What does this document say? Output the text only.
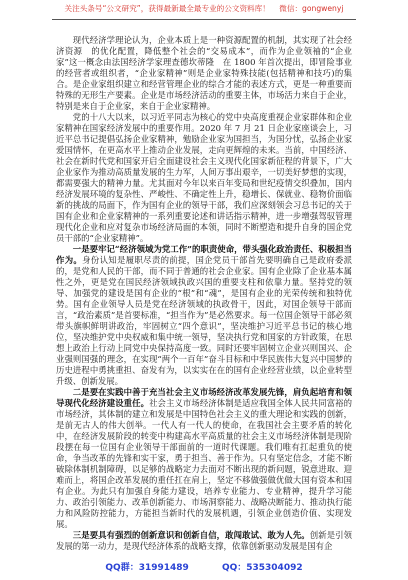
关注头条号“公文研究”，获得最新最全最专业的公文资料库！ 微信：gongwenyj

现代经济学理论认为，企业本质上是一种资源配置的机制，其实现了社会经济资源　的优化配置，降低整个社会的“交易成本”，而作为企业领袖的“企业家”这一概念由法国经济学家理查德坎蒂隆　在 1800 年首次提出，即冒险事业的经营者或组织者，“企业家精神”则是企业家特殊技能(包括精神和技巧)的集合。是企业家组织建立和经营管理企业的综合才能的表述方式，更是一种重要而特殊的无形生产要素。企业是市场经济活动的重要主体，市场活力来自于企业，特别是来自于企业家，来自于企业家精神。

党的十八大以来，以习近平同志为核心的党中央高度重视企业家群体和企业家精神在国家经济发展中的重要作用。2020 年 7 月 21 日企业家座谈会上，习近平总书记提倡弘扬企业家精神，勉励企业家为国担当，为国分忧，弘扬企业家爱国情怀，在更高水平上推动企业发展，走向更辉煌的未来。当前，中国经济、社会在新时代党和国家开启全面建设社会主义现代化国家新征程的背景下，广大企业家作为推动高质量发展的生力军，人间万事出艰辛，一切美好梦想的实现，都需要强大的精神力量。尤其面对今年以来百年变局和世纪疫情交织叠加，国内经济发展环境的复杂性、严峻性、不确定性上升，稳增长、保就业、稳物价面临新的挑战的局面下，作为国有企业的领导干部，我们应深刻领会习总书记的关于国有企业和企业家精神的一系列重要论述和讲话指示精神，进一步增强驾驭管理现代化企业和应对复杂市场经济局面的本领，同时不断塑造和提升自身的国企党员干部的“企业家精神”。

一是要牢记“经济领域为党工作”的职责使命，带头强化政治责任、积极担当作为。身份认知是履职尽责的前提，国企党员干部首先要明确自己是政府委派的，是党和人民的干部，而不同于普通的社会企业家。国有企业除了企业基本属性之外，更是党在国民经济领域执政兴国的重要支柱和依靠力量。坚持党的领导、加强党的建设是国有企业的“根”和“魂”，是国有企业的光荣传统和独特优势。国有企业领导人员是党在经济领域的执政骨干，因此，对国企领导干部而言，“政治素质”是首要标准，“担当作为”是必然要求。每一位国企领导干部必须带头旗帜鲜明讲政治，牢固树立“四个意识”，坚决维护习近平总书记的核心地位，坚决维护党中央权威和集中统一领导，坚决执行党和国家的方针政策，在思想上政治上行动上同党中央保持高度一致。同时还要牢固树立企业兴则国兴、企业强则国强的理念，在实现“两个一百年”奋斗目标和中华民族伟大复兴中国梦的历史进程中勇挑重担、奋发有为，以实实在在的国有企业经营业绩，以企业转型升级、创新发展。

二是要在实践中善于充当社会主义市场经济改革发展先锋，肩负起培育和领导现代化经济建设重任。社会主义市场经济体制是适应我国全体人民共同富裕的市场经济，其体制的建立和发展是中国特色社会主义的重大理论和实践的创新，是前无古人的伟大创举。一代人有一代人的使命，在我国社会主要矛盾的转化中，在经济发展阶段的转变中构建高水平高质量的社会主义市场经济体制是现阶段摆在每一位国有企业领导干部面前的一道时代课题。我们唯有扛起重负的使命，争当改革的先锋和实干家，勇于担当、善于作为。只有坚定信念，才能不断破除体制机制障碍，以足够的战略定力去面对不断出现的新问题，锐意进取、迎难而上，将国企改革发展的重任扛在肩上，坚定不移做强做优做大国有资本和国有企业。为此只有加强自身能力建设，培养专业能力、专业精神，提升学习能力、政治引领能力、改革创新能力、市场洞察能力、战略决断能力、推动执行能力和风险防控能力，方能担当新时代的发展机遇，引领企业创造价值、实现发展。

三是要具有强烈的创新意识和创新自信，敢闯敢试、敢为人先。创新是引领发展的第一动力，是现代经济体系的战略支撑，依靠创新驱动发展是国有企

QQ群：31991489	QQ：535304092
